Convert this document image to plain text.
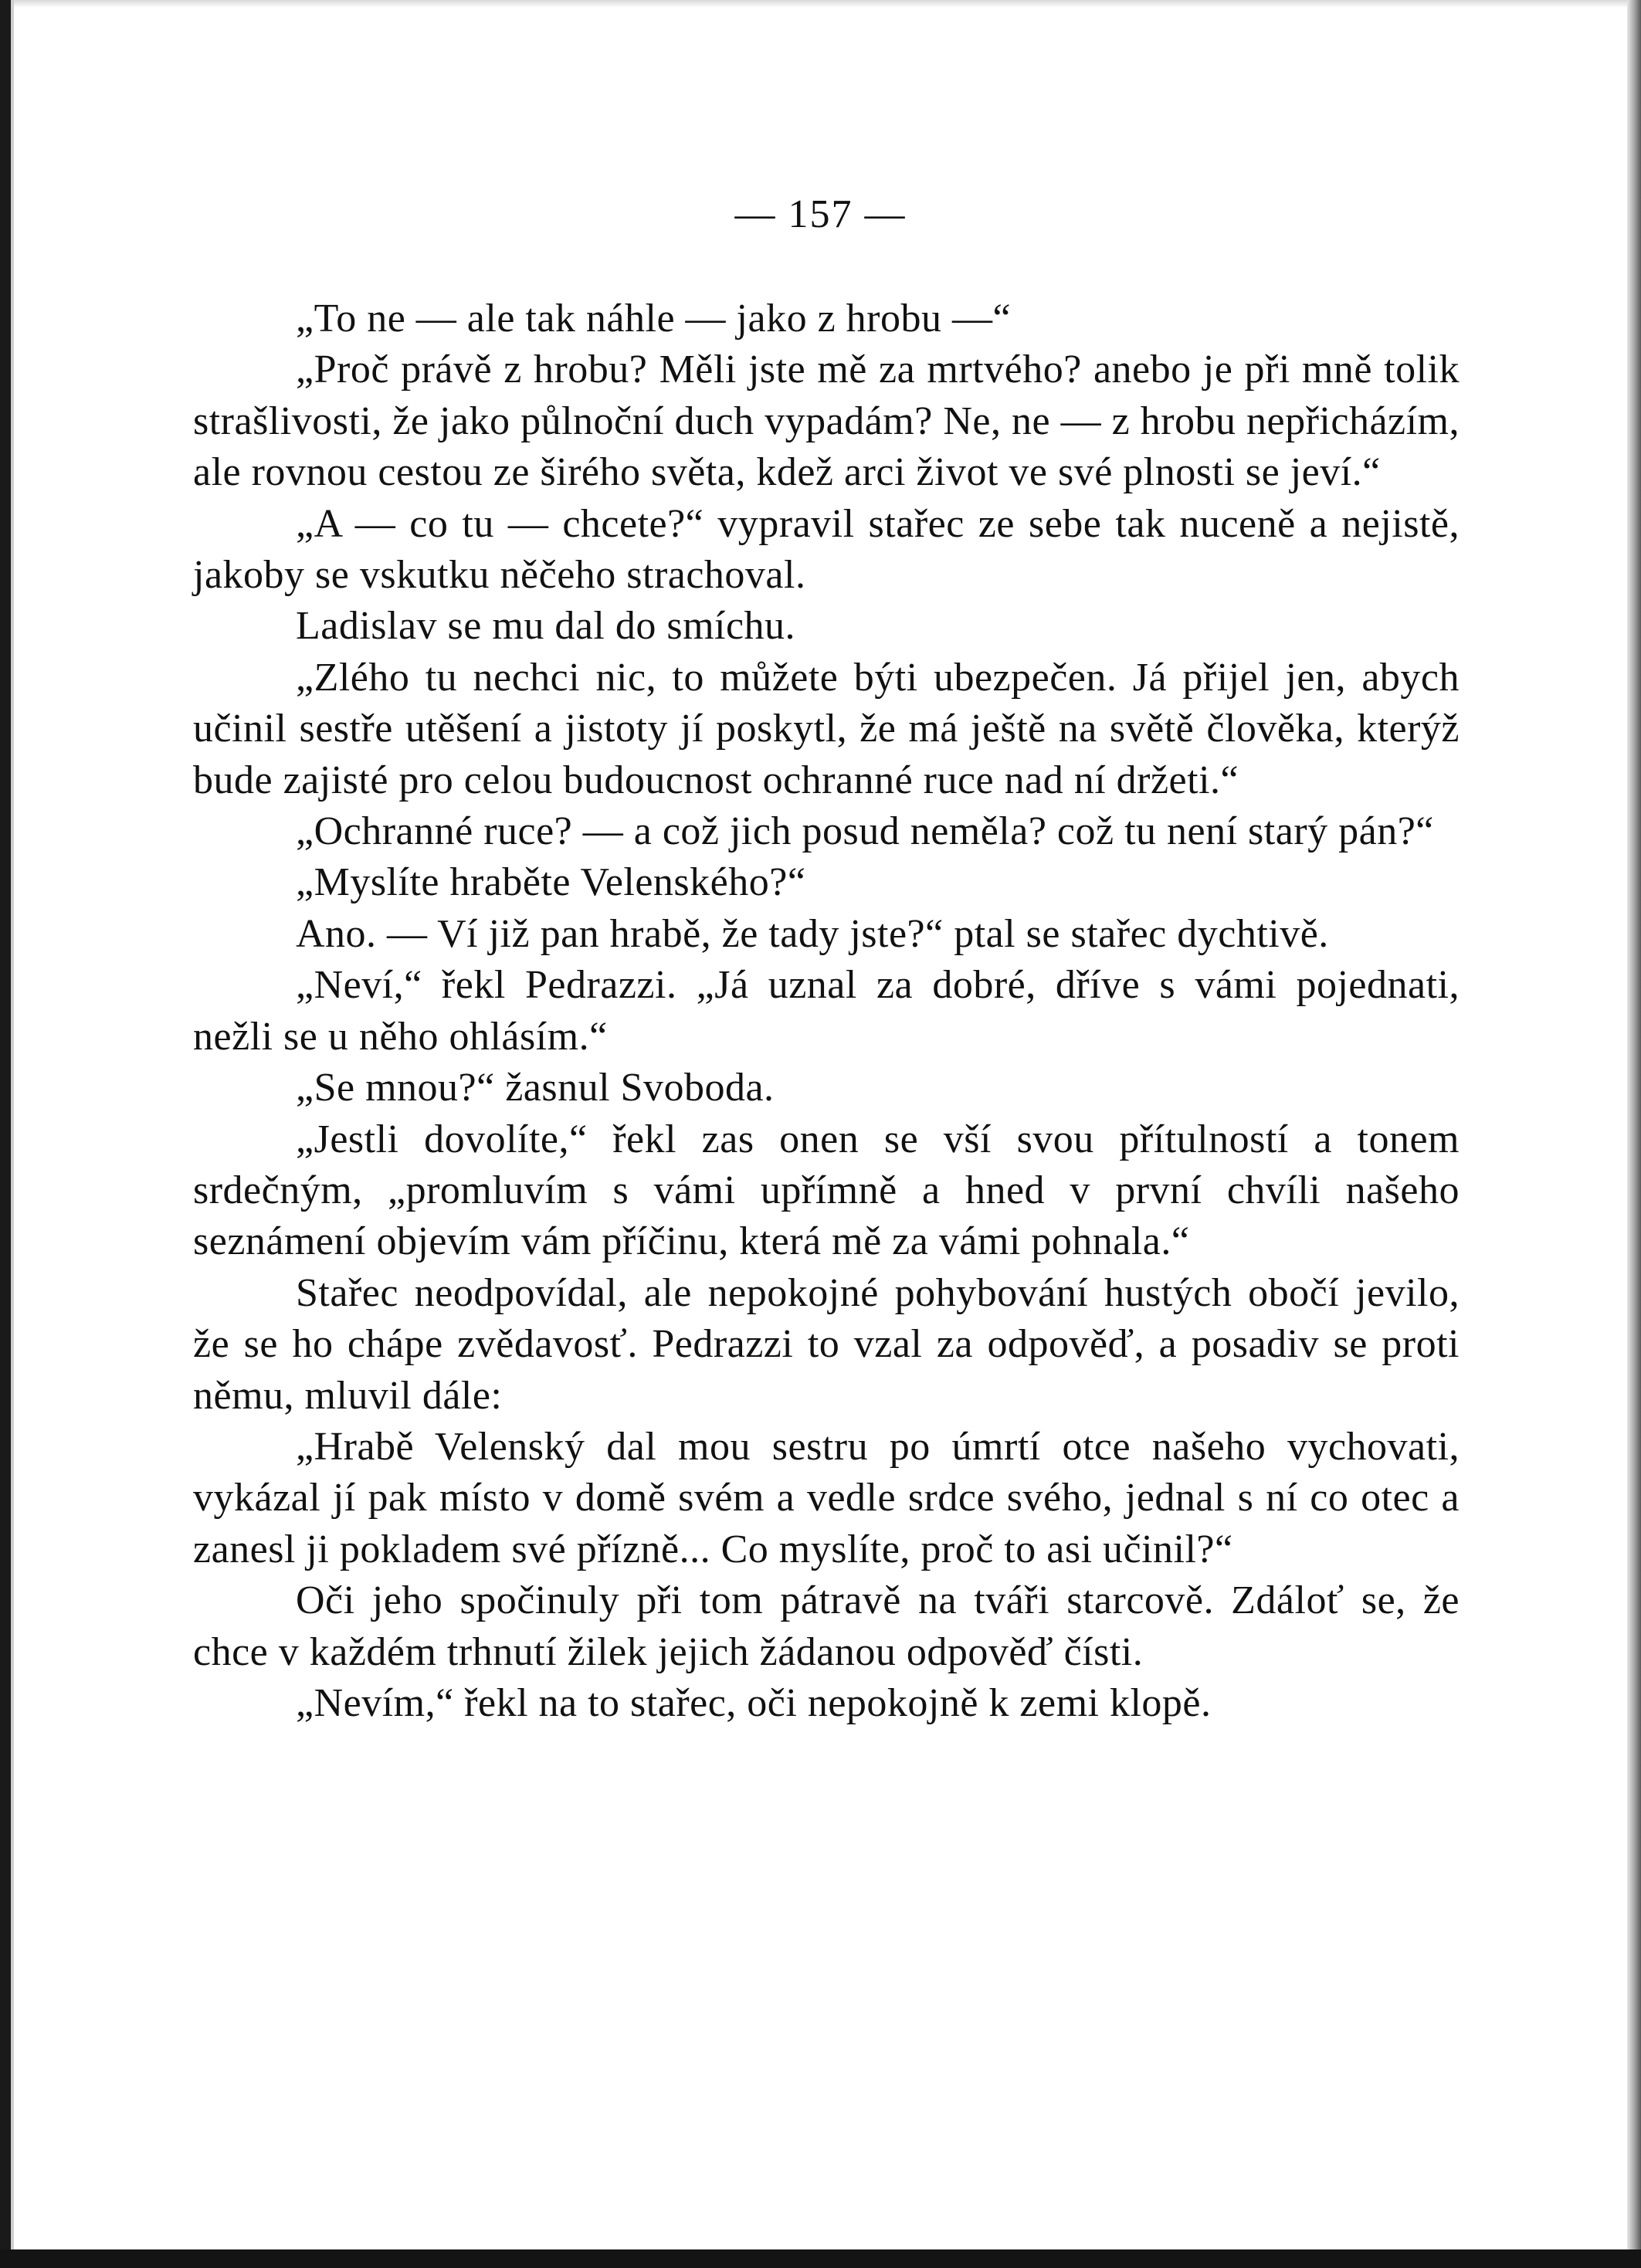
— 157 —

„To ne — ale tak náhle — jako z hrobu —“

„Proč právě z hrobu? Měli jste mě za mrtvého? anebo je při mně tolik strašlivosti, že jako půlnoční duch vypadám? Ne, ne — z hrobu nepřicházím, ale rovnou cestou ze širého světa, kdež arci život ve své plnosti se jeví.“

„A — co tu — chcete?“ vypravil stařec ze sebe tak nuceně a nejistě, jakoby se vskutku něčeho strachoval.

Ladislav se mu dal do smíchu.

„Zlého tu nechci nic, to můžete býti ubezpečen. Já přijel jen, abych učinil sestře utěšení a jistoty jí poskytl, že má ještě na světě člověka, kterýž bude zajisté pro celou budoucnost ochranné ruce nad ní držeti.“

„Ochranné ruce? — a což jich posud neměla? což tu není starý pán?“

„Myslíte hraběte Velenského?“

Ano. — Ví již pan hrabě, že tady jste?“ ptal se stařec dychtivě.

„Neví,“ řekl Pedrazzi. „Já uznal za dobré, dříve s vámi pojednati, nežli se u něho ohlásím.“

„Se mnou?“ žasnul Svoboda.

„Jestli dovolíte,“ řekl zas onen se vší svou přítulností a tonem srdečným, „promluvím s vámi upřímně a hned v první chvíli našeho seznámení objevím vám příčinu, která mě za vámi pohnala.“

Stařec neodpovídal, ale nepokojné pohybování hustých obočí jevilo, že se ho chápe zvědavosť. Pedrazzi to vzal za odpověď, a posadiv se proti němu, mluvil dále:

„Hrabě Velenský dal mou sestru po úmrtí otce našeho vychovati, vykázal jí pak místo v domě svém a vedle srdce svého, jednal s ní co otec a zanesl ji pokladem své přízně... Co myslíte, proč to asi učinil?“

Oči jeho spočinuly při tom pátravě na tváři starcově. Zdáloť se, že chce v každém trhnutí žilek jejich žádanou odpověď čísti.

„Nevím,“ řekl na to stařec, oči nepokojně k zemi klopě.
